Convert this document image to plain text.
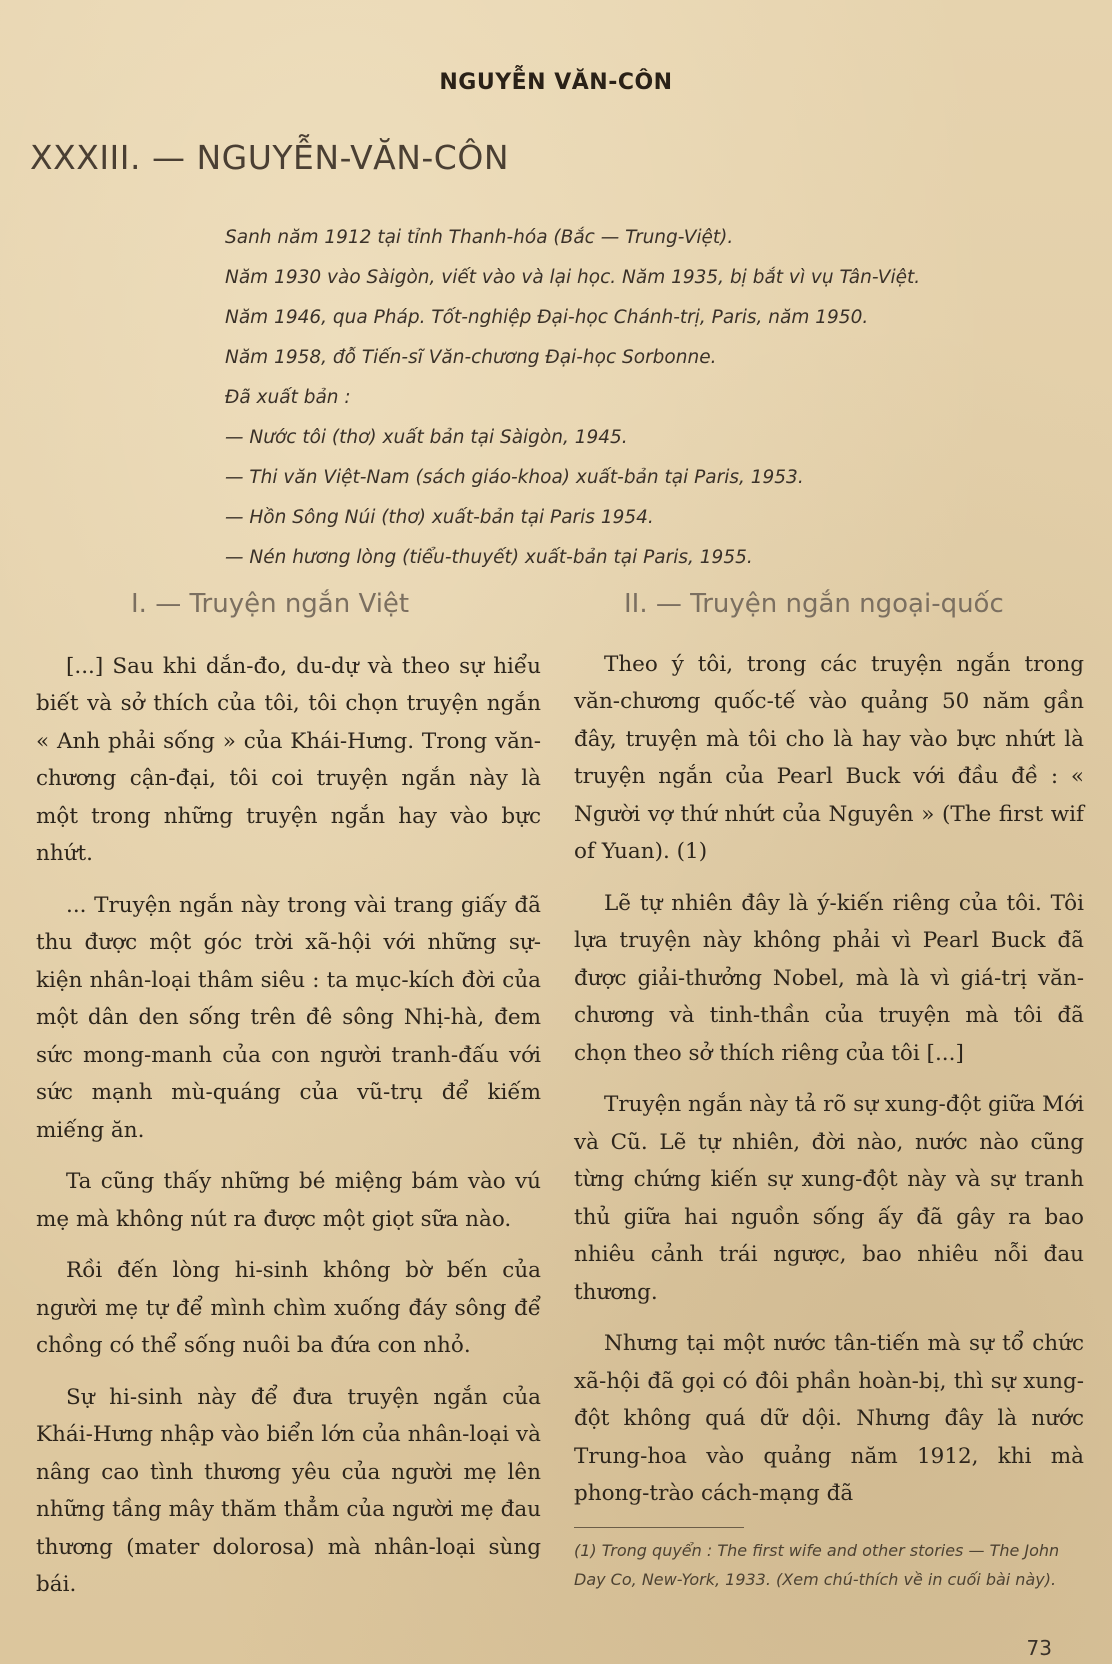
NGUYỄN VĂN-CÔN
XXXIII. — NGUYỄN-VĂN-CÔN
Sanh năm 1912 tại tỉnh Thanh-hóa (Bắc — Trung-Việt).
Năm 1930 vào Sàigòn, viết vào và lại học. Năm 1935, bị bắt vì vụ Tân-Việt.
Năm 1946, qua Pháp. Tốt-nghiệp Đại-học Chánh-trị, Paris, năm 1950.
Năm 1958, đỗ Tiến-sĩ Văn-chương Đại-học Sorbonne.
Đã xuất bản :
— Nước tôi (thơ) xuất bản tại Sàigòn, 1945.
— Thi văn Việt-Nam (sách giáo-khoa) xuất-bản tại Paris, 1953.
— Hồn Sông Núi (thơ) xuất-bản tại Paris 1954.
— Nén hương lòng (tiểu-thuyết) xuất-bản tại Paris, 1955.
I. — Truyện ngắn Việt

[...] Sau khi dắn-đo, du-dự và theo sự hiểu biết và sở thích của tôi, tôi chọn truyện ngắn « Anh phải sống » của Khái-Hưng. Trong văn-chương cận-đại, tôi coi truyện ngắn này là một trong những truyện ngắn hay vào bực nhứt.

... Truyện ngắn này trong vài trang giấy đã thu được một góc trời xã-hội với những sự-kiện nhân-loại thâm siêu : ta mục-kích đời của một dân den sống trên đê sông Nhị-hà, đem sức mong-manh của con người tranh-đấu với sức mạnh mù-quáng của vũ-trụ để kiếm miếng ăn.

Ta cũng thấy những bé miệng bám vào vú mẹ mà không nút ra được một giọt sữa nào.

Rồi đến lòng hi-sinh không bờ bến của người mẹ tự để mình chìm xuống đáy sông để chồng có thể sống nuôi ba đứa con nhỏ.

Sự hi-sinh này để đưa truyện ngắn của Khái-Hưng nhập vào biển lớn của nhân-loại và nâng cao tình thương yêu của người mẹ lên những tầng mây thăm thẳm của người mẹ đau thương (mater dolorosa) mà nhân-loại sùng bái.

II. — Truyện ngắn ngoại-quốc

Theo ý tôi, trong các truyện ngắn trong văn-chương quốc-tế vào quảng 50 năm gần đây, truyện mà tôi cho là hay vào bực nhứt là truyện ngắn của Pearl Buck với đầu đề : « Người vợ thứ nhứt của Nguyên » (The first wif of Yuan). (1)

Lẽ tự nhiên đây là ý-kiến riêng của tôi. Tôi lựa truyện này không phải vì Pearl Buck đã được giải-thưởng Nobel, mà là vì giá-trị văn-chương và tinh-thần của truyện mà tôi đã chọn theo sở thích riêng của tôi [...]

Truyện ngắn này tả rõ sự xung-đột giữa Mới và Cũ. Lẽ tự nhiên, đời nào, nước nào cũng từng chứng kiến sự xung-đột này và sự tranh thủ giữa hai nguồn sống ấy đã gây ra bao nhiêu cảnh trái ngược, bao nhiêu nỗi đau thương.

Nhưng tại một nước tân-tiến mà sự tổ chức xã-hội đã gọi có đôi phần hoàn-bị, thì sự xung-đột không quá dữ dội. Nhưng đây là nước Trung-hoa vào quảng năm 1912, khi mà phong-trào cách-mạng đã

(1) Trong quyển : The first wife and other stories — The John Day Co, New-York, 1933. (Xem chú-thích về in cuối bài này).
73
